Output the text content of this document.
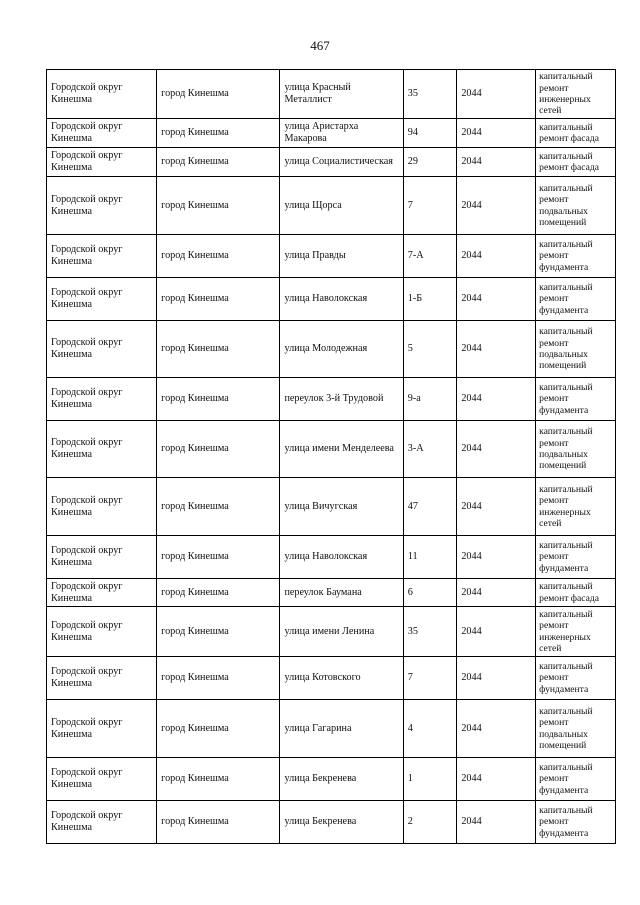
467
Городской округ Кинешма	город Кинешма	улица Красный Металлист	35	2044	капитальный ремонт инженерных сетей
Городской округ Кинешма	город Кинешма	улица Аристарха Макарова	94	2044	капитальный ремонт фасада
Городской округ Кинешма	город Кинешма	улица Социалистическая	29	2044	капитальный ремонт фасада
Городской округ Кинешма	город Кинешма	улица Щорса	7	2044	капитальный ремонт подвальных помещений
Городской округ Кинешма	город Кинешма	улица Правды	7-А	2044	капитальный ремонт фундамента
Городской округ Кинешма	город Кинешма	улица Наволокская	1-Б	2044	капитальный ремонт фундамента
Городской округ Кинешма	город Кинешма	улица Молодежная	5	2044	капитальный ремонт подвальных помещений
Городской округ Кинешма	город Кинешма	переулок 3-й Трудовой	9-а	2044	капитальный ремонт фундамента
Городской округ Кинешма	город Кинешма	улица имени Менделеева	3-А	2044	капитальный ремонт подвальных помещений
Городской округ Кинешма	город Кинешма	улица Вичугская	47	2044	капитальный ремонт инженерных сетей
Городской округ Кинешма	город Кинешма	улица Наволокская	11	2044	капитальный ремонт фундамента
Городской округ Кинешма	город Кинешма	переулок Баумана	6	2044	капитальный ремонт фасада
Городской округ Кинешма	город Кинешма	улица имени Ленина	35	2044	капитальный ремонт инженерных сетей
Городской округ Кинешма	город Кинешма	улица Котовского	7	2044	капитальный ремонт фундамента
Городской округ Кинешма	город Кинешма	улица Гагарина	4	2044	капитальный ремонт подвальных помещений
Городской округ Кинешма	город Кинешма	улица Бекренева	1	2044	капитальный ремонт фундамента
Городской округ Кинешма	город Кинешма	улица Бекренева	2	2044	капитальный ремонт фундамента
